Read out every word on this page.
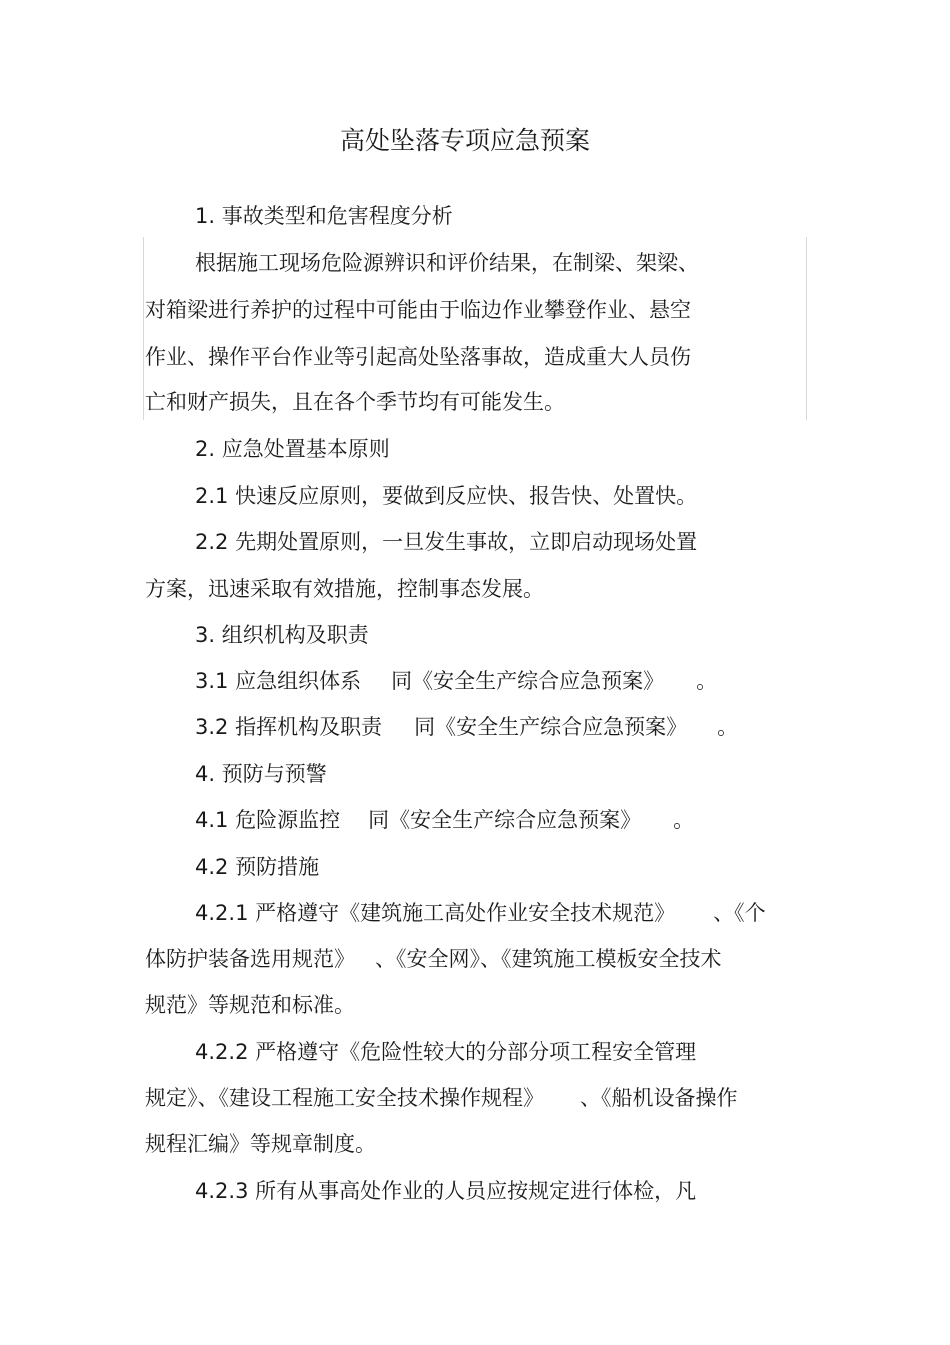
高处坠落专项应急预案
1. 事故类型和危害程度分析
根据施工现场危险源辨识和评价结果，在制梁、架梁、
对箱梁进行养护的过程中可能由于临边作业攀登作业、悬空
作业、操作平台作业等引起高处坠落事故，造成重大人员伤
亡和财产损失，且在各个季节均有可能发生。
2. 应急处置基本原则
2.1 快速反应原则，要做到反应快、报告快、处置快。
2.2 先期处置原则，一旦发生事故，立即启动现场处置
方案，迅速采取有效措施，控制事态发展。
3. 组织机构及职责
3.1 应急组织体系 同《安全生产综合应急预案》 。
3.2 指挥机构及职责 同《安全生产综合应急预案》 。
4. 预防与预警
4.1 危险源监控 同《安全生产综合应急预案》 。
4.2 预防措施
4.2.1 严格遵守《建筑施工高处作业安全技术规范》 、《个
体防护装备选用规范》 、《安全网》、《建筑施工模板安全技术
规范》等规范和标准。
4.2.2 严格遵守《危险性较大的分部分项工程安全管理
规定》、《建设工程施工安全技术操作规程》 、《船机设备操作
规程汇编》等规章制度。
4.2.3 所有从事高处作业的人员应按规定进行体检，凡
